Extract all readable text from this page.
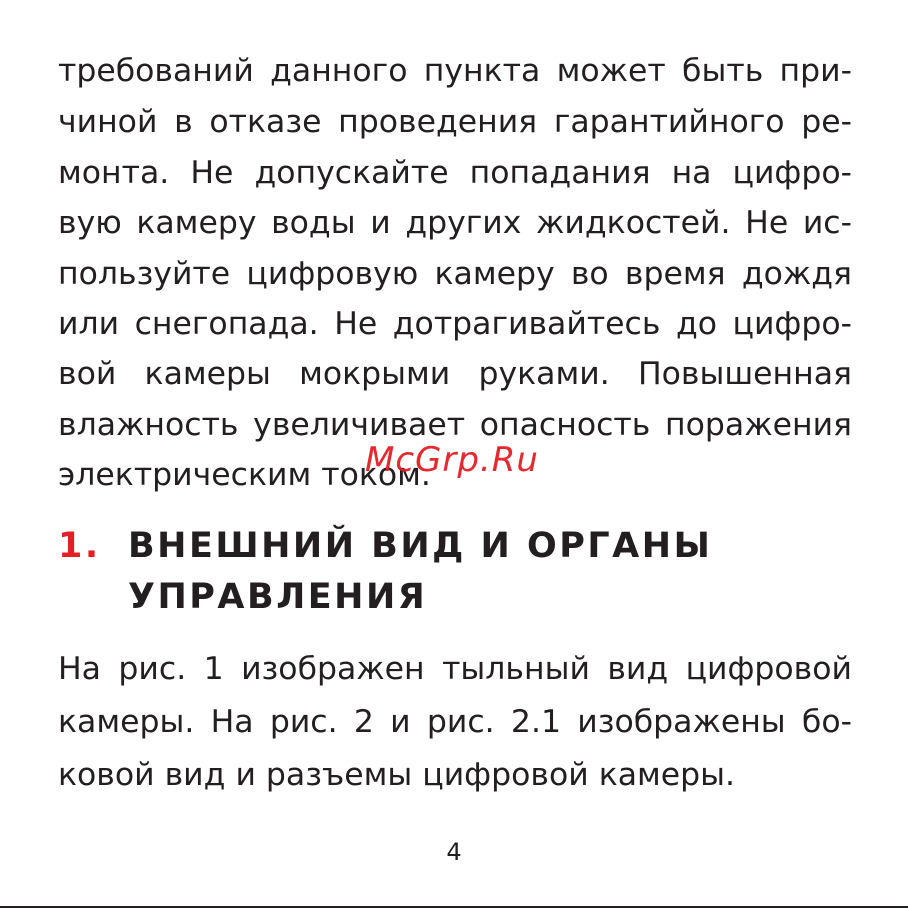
требований данного пункта может быть при-
чиной в отказе проведения гарантийного ре-
монта. Не допускайте попадания на цифро-
вую камеру воды и других жидкостей. Не ис-
пользуйте цифровую камеру во время дождя
или снегопада. Не дотрагивайтесь до цифро-
вой камеры мокрыми руками. Повышенная
влажность увеличивает опасность поражения
электрическим током.
McGrp.Ru
1. ВНЕШНИЙ ВИД И ОРГАНЫ
УПРАВЛЕНИЯ
На рис. 1 изображен тыльный вид цифровой
камеры. На рис. 2 и рис. 2.1 изображены бо-
ковой вид и разъемы цифровой камеры.
4
